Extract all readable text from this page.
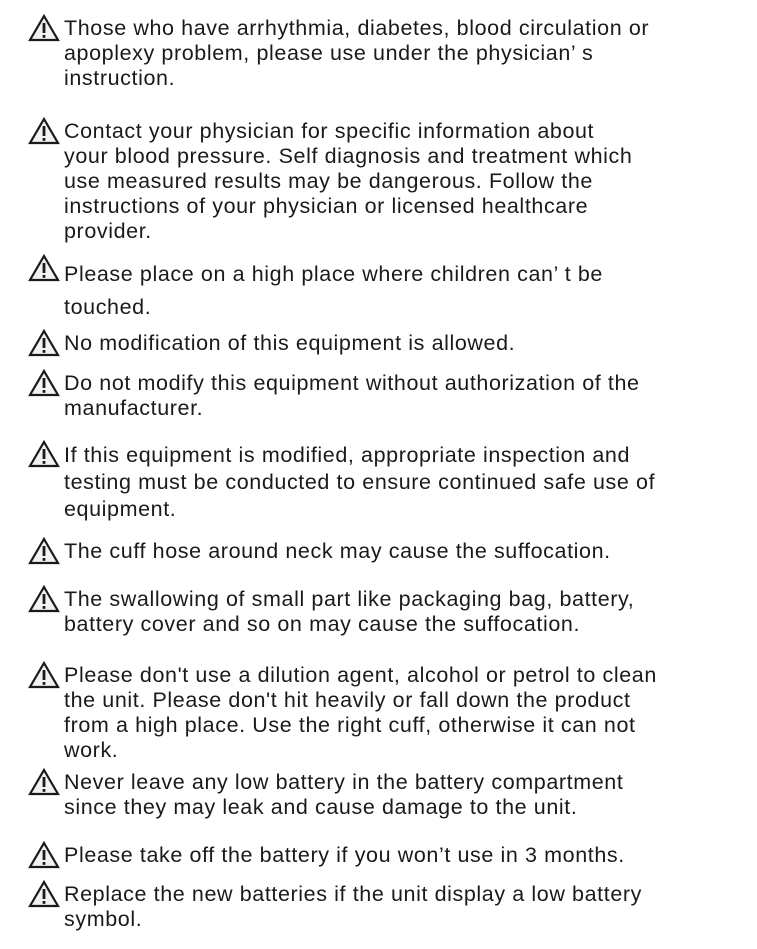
Those who have arrhythmia, diabetes, blood circulation or
apoplexy problem, please use under the physician’ s
instruction.

Contact your physician for specific information about
your blood pressure. Self diagnosis and treatment which
use measured results may be dangerous. Follow the
instructions of your physician or licensed healthcare
provider.

Please place on a high place where children can’ t be
touched.

No modification of this equipment is allowed.

Do not modify this equipment without authorization of the
manufacturer.

If this equipment is modified, appropriate inspection and
testing must be conducted to ensure continued safe use of
equipment.

The cuff hose around neck may cause the suffocation.

The swallowing of small part like packaging bag, battery,
battery cover and so on may cause the suffocation.

Please don't use a dilution agent, alcohol or petrol to clean
the unit. Please don't hit heavily or fall down the product
from a high place. Use the right cuff, otherwise it can not
work.

Never leave any low battery in the battery compartment
since they may leak and cause damage to the unit.

Please take off the battery if you won’t use in 3 months.

Replace the new batteries if the unit display a low battery
symbol.
